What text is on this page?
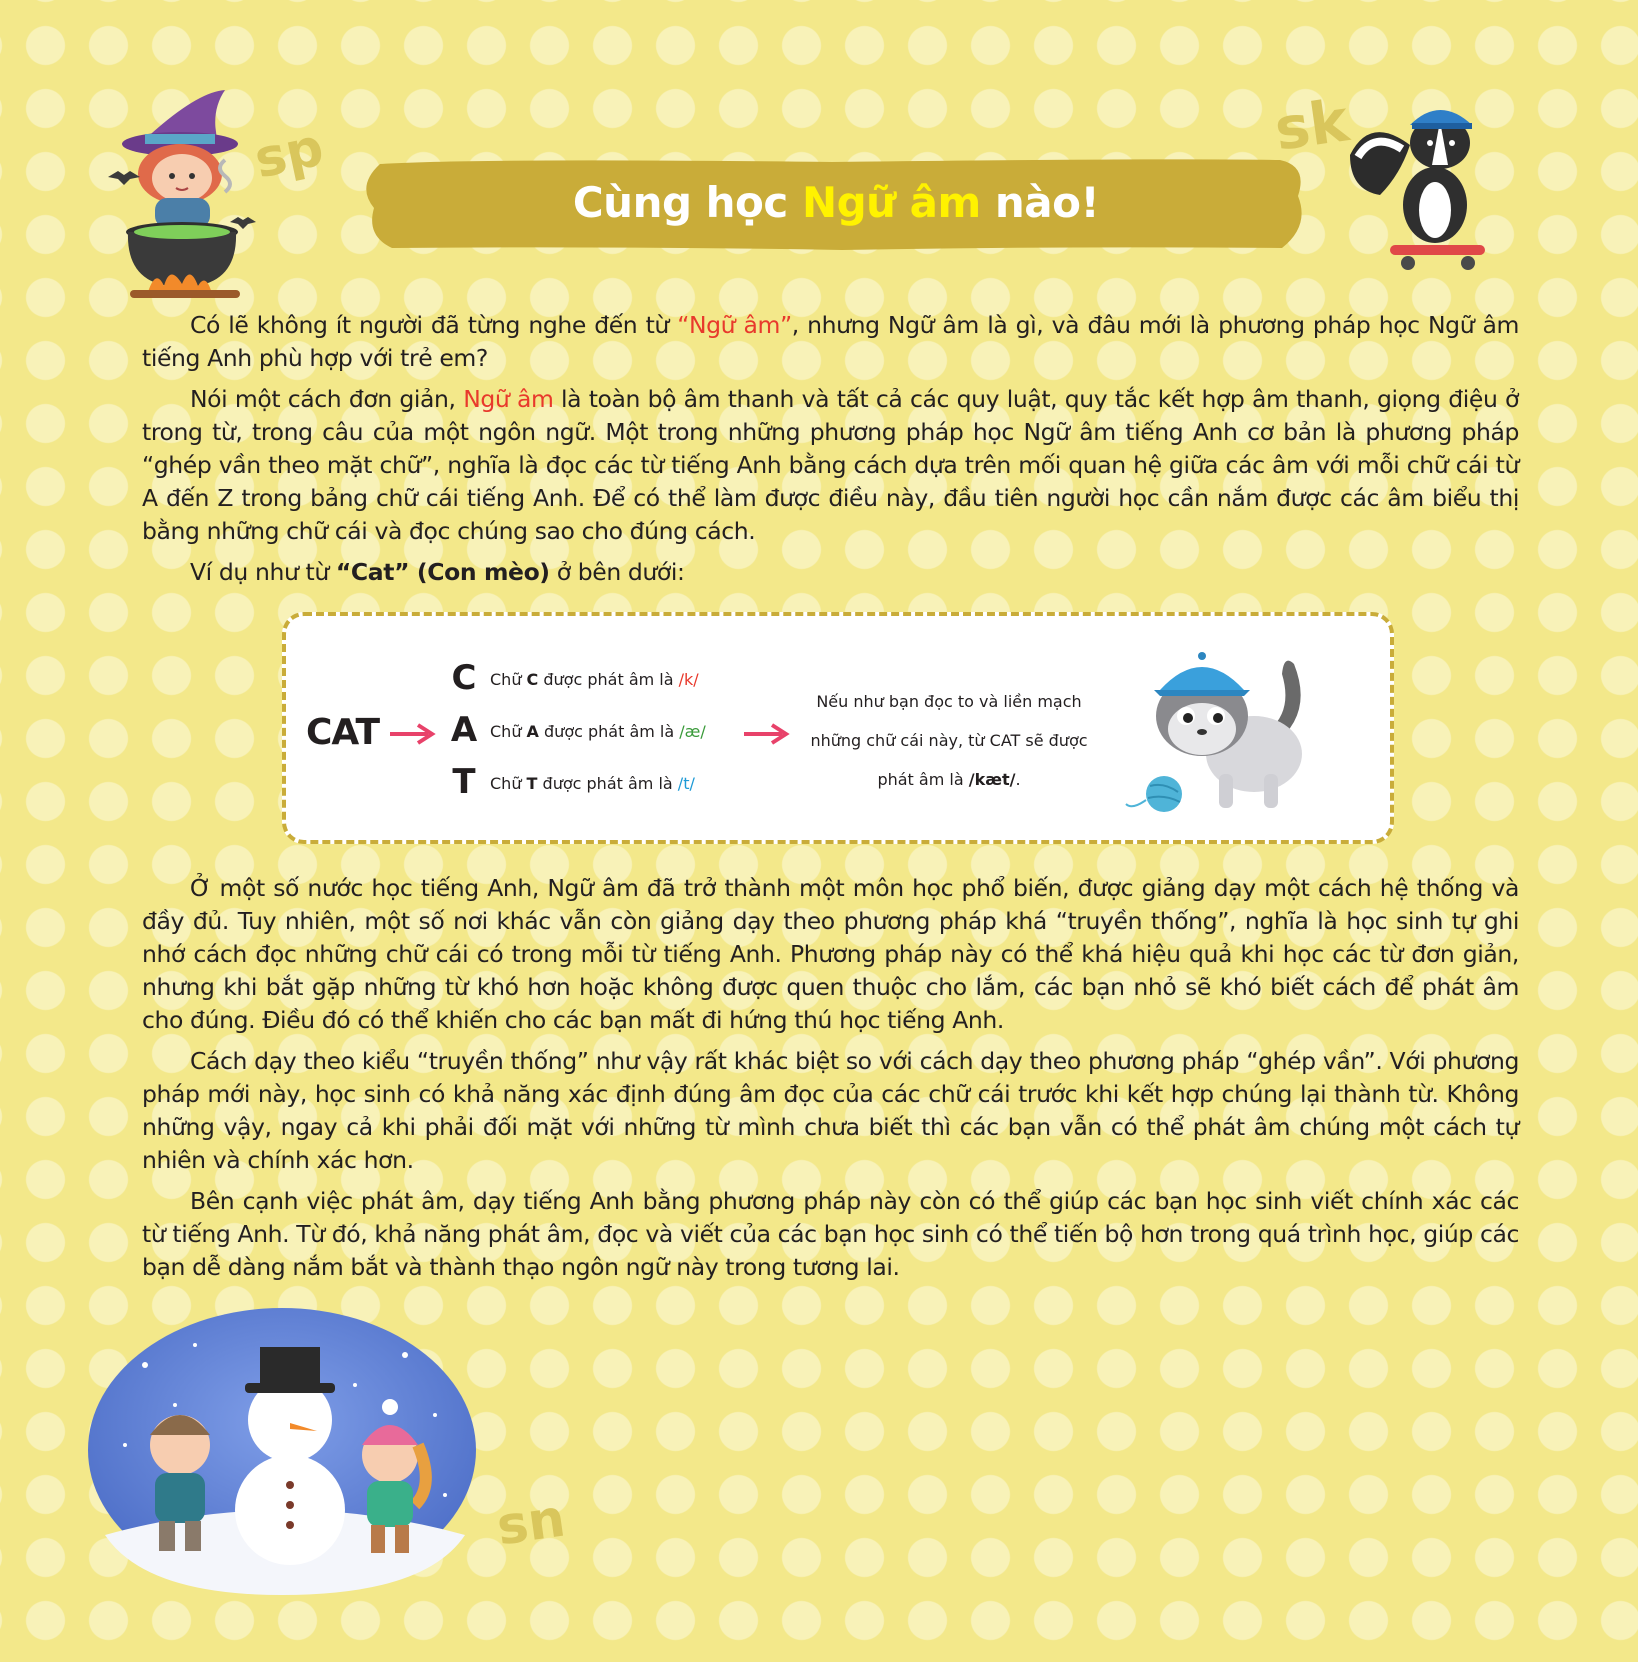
sp
Cùng học Ngữ âm nào!
sk

Có lẽ không ít người đã từng nghe đến từ “Ngữ âm”, nhưng Ngữ âm là gì, và đâu mới là phương pháp học Ngữ âm tiếng Anh phù hợp với trẻ em?

Nói một cách đơn giản, Ngữ âm là toàn bộ âm thanh và tất cả các quy luật, quy tắc kết hợp âm thanh, giọng điệu ở trong từ, trong câu của một ngôn ngữ. Một trong những phương pháp học Ngữ âm tiếng Anh cơ bản là phương pháp “ghép vần theo mặt chữ”, nghĩa là đọc các từ tiếng Anh bằng cách dựa trên mối quan hệ giữa các âm với mỗi chữ cái từ A đến Z trong bảng chữ cái tiếng Anh. Để có thể làm được điều này, đầu tiên người học cần nắm được các âm biểu thị bằng những chữ cái và đọc chúng sao cho đúng cách.

Ví dụ như từ “Cat” (Con mèo) ở bên dưới:

CAT
C Chữ C được phát âm là /k/
A Chữ A được phát âm là /æ/
T Chữ T được phát âm là /t/
Nếu như bạn đọc to và liền mạch
những chữ cái này, từ CAT sẽ được
phát âm là /kæt/.

Ở một số nước học tiếng Anh, Ngữ âm đã trở thành một môn học phổ biến, được giảng dạy một cách hệ thống và đầy đủ. Tuy nhiên, một số nơi khác vẫn còn giảng dạy theo phương pháp khá “truyền thống”, nghĩa là học sinh tự ghi nhớ cách đọc những chữ cái có trong mỗi từ tiếng Anh. Phương pháp này có thể khá hiệu quả khi học các từ đơn giản, nhưng khi bắt gặp những từ khó hơn hoặc không được quen thuộc cho lắm, các bạn nhỏ sẽ khó biết cách để phát âm cho đúng. Điều đó có thể khiến cho các bạn mất đi hứng thú học tiếng Anh.

Cách dạy theo kiểu “truyền thống” như vậy rất khác biệt so với cách dạy theo phương pháp “ghép vần”. Với phương pháp mới này, học sinh có khả năng xác định đúng âm đọc của các chữ cái trước khi kết hợp chúng lại thành từ. Không những vậy, ngay cả khi phải đối mặt với những từ mình chưa biết thì các bạn vẫn có thể phát âm chúng một cách tự nhiên và chính xác hơn.

Bên cạnh việc phát âm, dạy tiếng Anh bằng phương pháp này còn có thể giúp các bạn học sinh viết chính xác các từ tiếng Anh. Từ đó, khả năng phát âm, đọc và viết của các bạn học sinh có thể tiến bộ hơn trong quá trình học, giúp các bạn dễ dàng nắm bắt và thành thạo ngôn ngữ này trong tương lai.

sn
